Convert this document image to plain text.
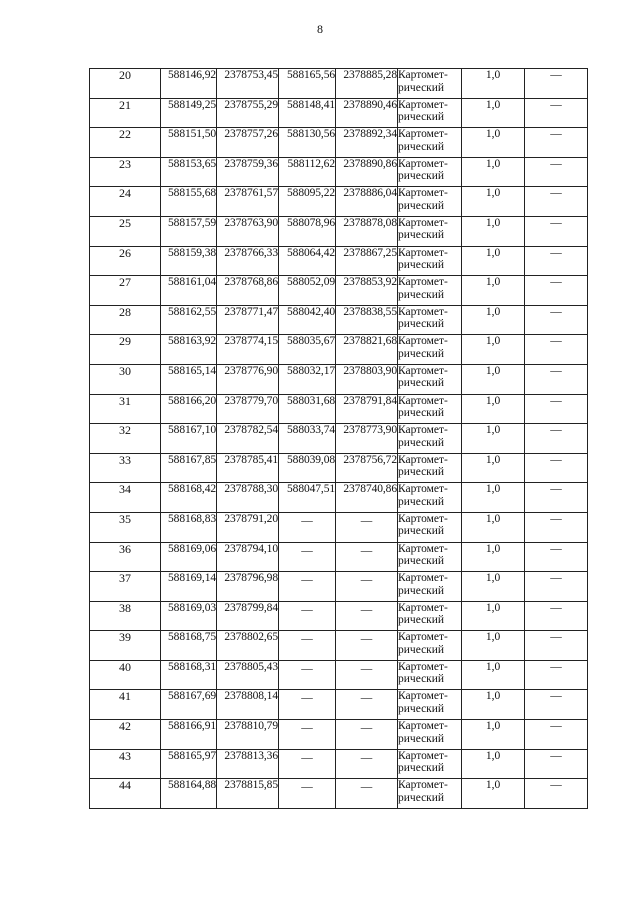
8
20	588146,92	2378753,45	588165,56	2378885,28	Картомет-
рический	1,0	—
21	588149,25	2378755,29	588148,41	2378890,46	Картомет-
рический	1,0	—
22	588151,50	2378757,26	588130,56	2378892,34	Картомет-
рический	1,0	—
23	588153,65	2378759,36	588112,62	2378890,86	Картомет-
рический	1,0	—
24	588155,68	2378761,57	588095,22	2378886,04	Картомет-
рический	1,0	—
25	588157,59	2378763,90	588078,96	2378878,08	Картомет-
рический	1,0	—
26	588159,38	2378766,33	588064,42	2378867,25	Картомет-
рический	1,0	—
27	588161,04	2378768,86	588052,09	2378853,92	Картомет-
рический	1,0	—
28	588162,55	2378771,47	588042,40	2378838,55	Картомет-
рический	1,0	—
29	588163,92	2378774,15	588035,67	2378821,68	Картомет-
рический	1,0	—
30	588165,14	2378776,90	588032,17	2378803,90	Картомет-
рический	1,0	—
31	588166,20	2378779,70	588031,68	2378791,84	Картомет-
рический	1,0	—
32	588167,10	2378782,54	588033,74	2378773,90	Картомет-
рический	1,0	—
33	588167,85	2378785,41	588039,08	2378756,72	Картомет-
рический	1,0	—
34	588168,42	2378788,30	588047,51	2378740,86	Картомет-
рический	1,0	—
35	588168,83	2378791,20	—	—	Картомет-
рический	1,0	—
36	588169,06	2378794,10	—	—	Картомет-
рический	1,0	—
37	588169,14	2378796,98	—	—	Картомет-
рический	1,0	—
38	588169,03	2378799,84	—	—	Картомет-
рический	1,0	—
39	588168,75	2378802,65	—	—	Картомет-
рический	1,0	—
40	588168,31	2378805,43	—	—	Картомет-
рический	1,0	—
41	588167,69	2378808,14	—	—	Картомет-
рический	1,0	—
42	588166,91	2378810,79	—	—	Картомет-
рический	1,0	—
43	588165,97	2378813,36	—	—	Картомет-
рический	1,0	—
44	588164,88	2378815,85	—	—	Картомет-
рический	1,0	—
